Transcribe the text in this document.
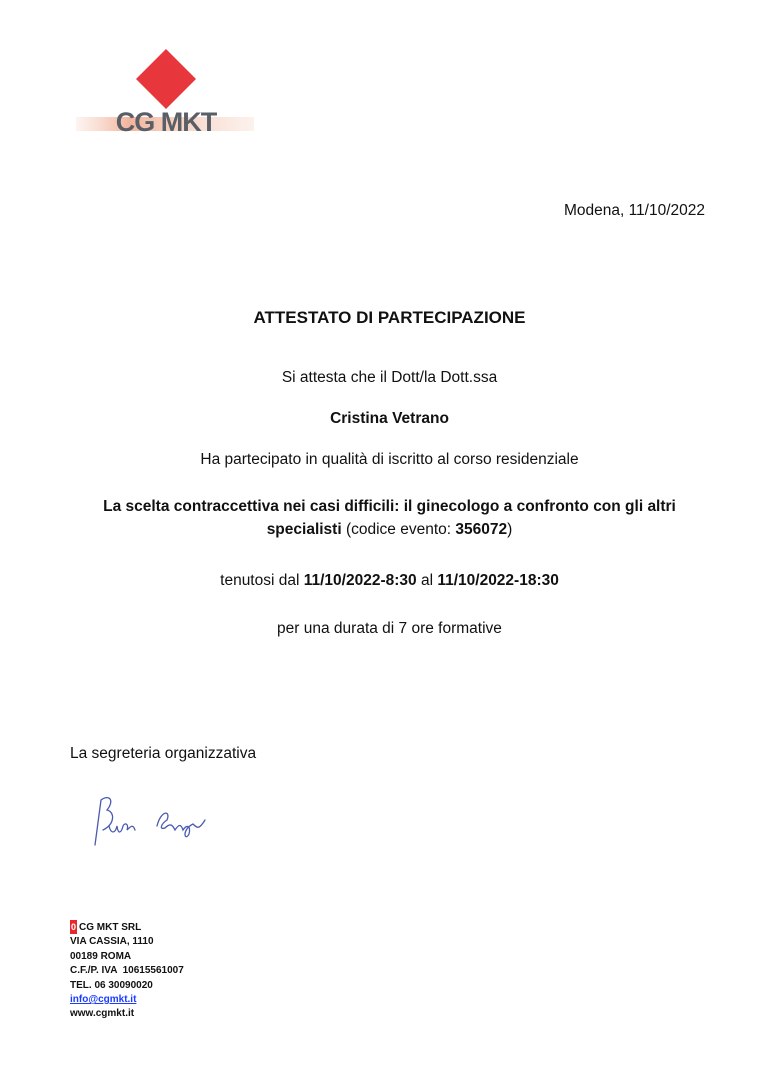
CG MKT
Modena, 11/10/2022
ATTESTATO DI PARTECIPAZIONE
Si attesta che il Dott/la Dott.ssa
Cristina Vetrano
Ha partecipato in qualità di iscritto al corso residenziale
La scelta contraccettiva nei casi difficili: il ginecologo a confronto con gli altri specialisti (codice evento: 356072)
tenutosi dal 11/10/2022-8:30 al 11/10/2022-18:30
per una durata di 7 ore formative
La segreteria organizzativa
0 CG MKT SRL
VIA CASSIA, 1110
00189 ROMA
C.F./P. IVA  10615561007
TEL. 06 30090020
info@cgmkt.it
www.cgmkt.it
